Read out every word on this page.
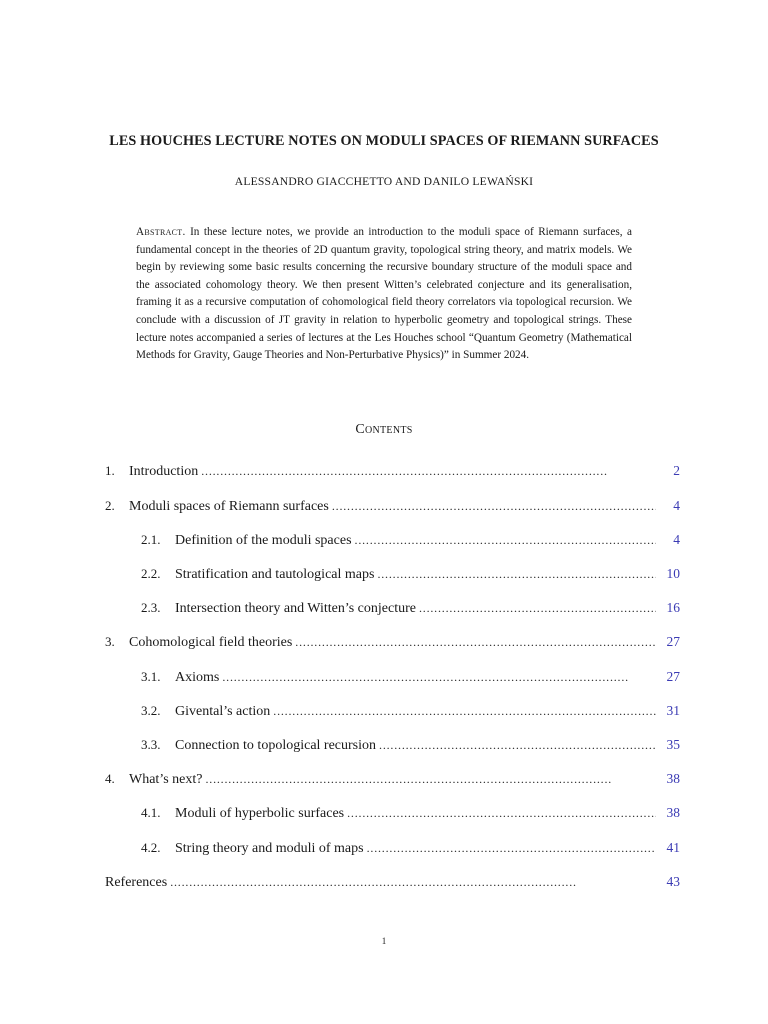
LES HOUCHES LECTURE NOTES ON MODULI SPACES OF RIEMANN SURFACES
ALESSANDRO GIACCHETTO AND DANILO LEWAŃSKI
Abstract. In these lecture notes, we provide an introduction to the moduli space of Riemann surfaces, a fundamental concept in the theories of 2D quantum gravity, topological string theory, and matrix models. We begin by reviewing some basic results concerning the recursive boundary structure of the moduli space and the associated cohomology theory. We then present Witten’s celebrated conjecture and its generalisation, framing it as a recursive computation of cohomological field theory correlators via topological recursion. We conclude with a discussion of JT gravity in relation to hyperbolic geometry and topological strings. These lecture notes accompanied a series of lectures at the Les Houches school “Quantum Geometry (Mathematical Methods for Gravity, Gauge Theories and Non-Perturbative Physics)” in Summer 2024.
Contents
1.	Introduction . . .	2
2.	Moduli spaces of Riemann surfaces . . .	4
2.1.	Definition of the moduli spaces . . .	4
2.2.	Stratification and tautological maps . . .	10
2.3.	Intersection theory and Witten’s conjecture . . .	16
3.	Cohomological field theories . . .	27
3.1.	Axioms . . .	27
3.2.	Givental’s action . . .	31
3.3.	Connection to topological recursion . . .	35
4.	What’s next? . . .	38
4.1.	Moduli of hyperbolic surfaces . . .	38
4.2.	String theory and moduli of maps . . .	41
References . . .	43
1
